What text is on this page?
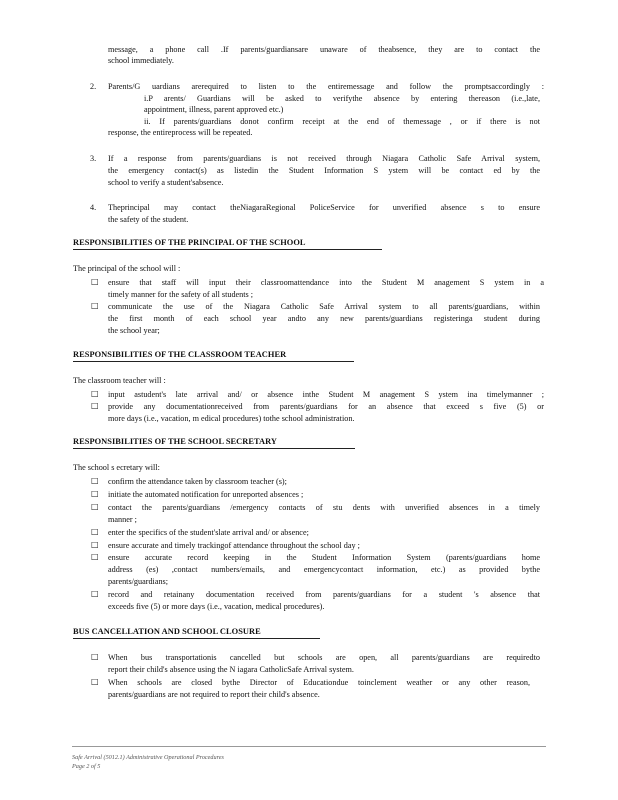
message, a phone call .If parents/guardiansare unaware of theabsence, they are to contact the
school immediately.
2. Parents/G uardians arerequired to listen to the entiremessage and follow the promptsaccordingly :
i.P arents/ Guardians will be asked to verifythe absence by entering thereason (i.e.,late,
appointment, illness, parent approved etc.)
ii. If parents/guardians donot confirm receipt at the end of themessage , or if there is not
response, the entireprocess will be repeated.
3. If a response from parents/guardians is not received through Niagara Catholic Safe Arrival system,
the emergency contact(s) as listedin the Student Information S ystem will be contact ed by the
school to verify a student'sabsence.
4. Theprincipal may contact theNiagaraRegional PoliceService for unverified absence s to ensure
the safety of the student.
RESPONSIBILITIES OF THE PRINCIPAL OF THE SCHOOL
The principal of the school will :
□ ensure that staff will input their classroomattendance into the Student M anagement S ystem in a
timely manner for the safety of all students ;
□ communicate the use of the Niagara Catholic Safe Arrival system to all parents/guardians, within
the first month of each school year andto any new parents/guardians registeringa student during
the school year;
RESPONSIBILITIES OF THE CLASSROOM TEACHER
The classroom teacher will :
□ input astudent's late arrival and/ or absence inthe Student M anagement S ystem ina timelymanner ;
□ provide any documentationreceived from parents/guardians for an absence that exceed s five (5) or
more days (i.e., vacation, m edical procedures) tothe school administration.
RESPONSIBILITIES OF THE SCHOOL SECRETARY
The school s ecretary will:
□ confirm the attendance taken by classroom teacher (s);
□ initiate the automated notification for unreported absences ;
□ contact the parents/guardians /emergency contacts of stu dents with unverified absences in a timely
manner ;
□ enter the specifics of the student'slate arrival and/ or absence;
□ ensure accurate and timely trackingof attendance throughout the school day ;
□ ensure accurate record keeping in the Student Information System (parents/guardians home
address (es) ,contact numbers/emails, and emergencycontact information, etc.) as provided bythe
parents/guardians;
□ record and retainany documentation received from parents/guardians for a student 's absence that
exceeds five (5) or more days (i.e., vacation, medical procedures).
BUS CANCELLATION AND SCHOOL CLOSURE
□ When bus transportationis cancelled but schools are open, all parents/guardians are requiredto
report their child's absence using the N iagara CatholicSafe Arrival system.
□ When schools are closed bythe Director of Educationdue toinclement weather or any other reason,
parents/guardians are not required to report their child's absence.
Safe Arrival (5012.1) Administrative Operational Procedures
Page 2 of 5
